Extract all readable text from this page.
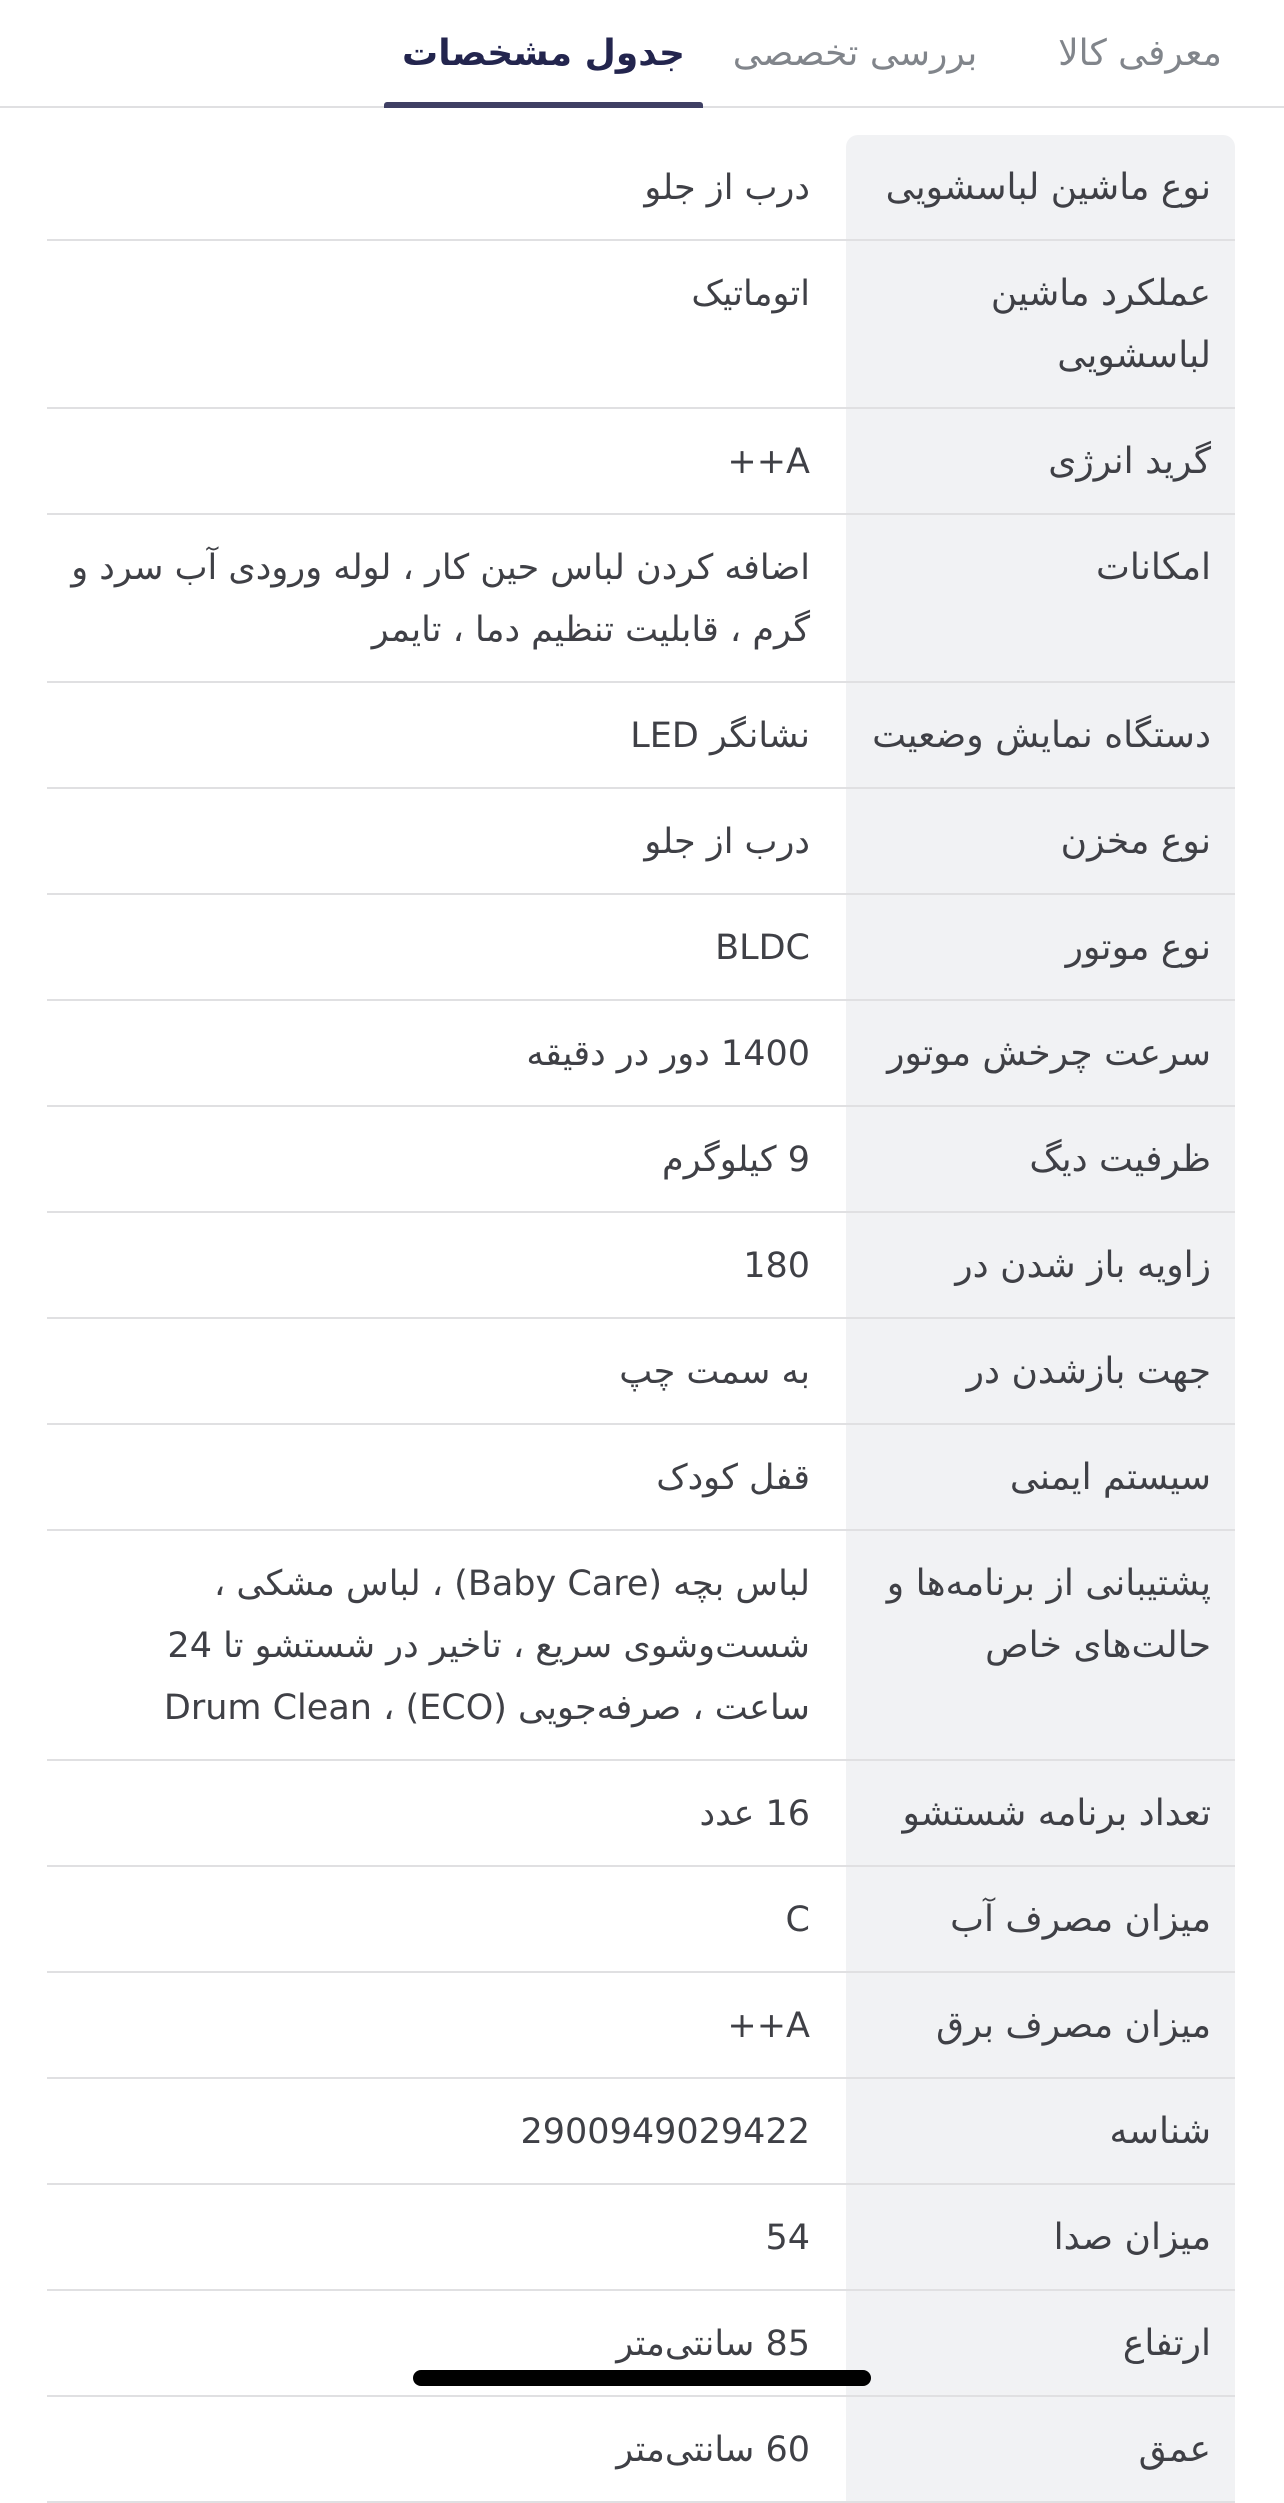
معرفی کالا
بررسی تخصصی
جدول مشخصات
نوع ماشین لباسشویی
درب از جلو
عملکرد ماشین لباسشویی
اتوماتیک
گرید انرژی
A++
امکانات
اضافه کردن لباس حین کار ، لوله ورودی آب سرد و گرم ، قابلیت تنظیم دما ، تایمر
دستگاه نمایش وضعیت
نشانگر LED
نوع مخزن
درب از جلو
نوع موتور
BLDC
سرعت چرخش موتور
1400 دور در دقیقه
ظرفیت دیگ
9 کیلوگرم
زاویه باز شدن در
180
جهت بازشدن در
به سمت چپ
سیستم ایمنی
قفل کودک
پشتیبانی از برنامه‌ها و حالت‌های خاص
لباس بچه (Baby Care) ، لباس مشکی ، شست‌وشوی سریع ، تاخیر در شستشو تا 24 ساعت ، صرفه‌جویی (ECO) ، Drum Clean
تعداد برنامه شستشو
16 عدد
میزان مصرف آب
C
میزان مصرف برق
A++
شناسه
2900949029422
میزان صدا
54
ارتفاع
85 سانتی‌متر
عمق
60 سانتی‌متر
